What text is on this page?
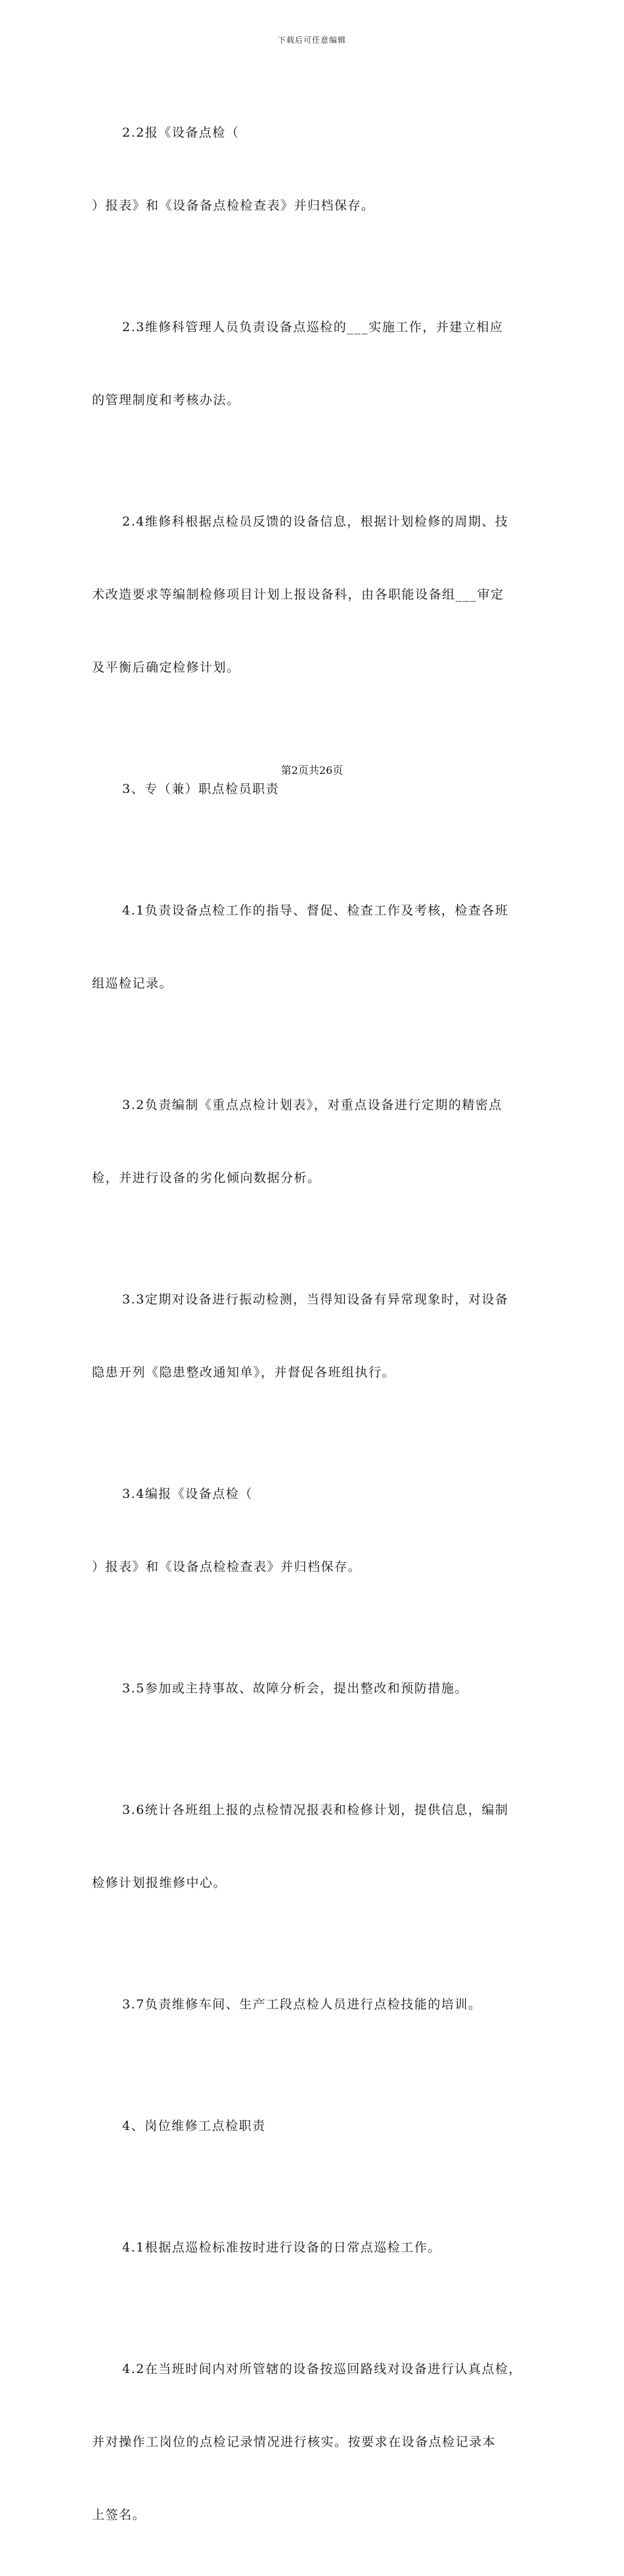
下载后可任意编辑

2.2报《设备点检（

）报表》和《设备备点检检查表》并归档保存。

2.3维修科管理人员负责设备点巡检的___实施工作，并建立相应

的管理制度和考核办法。

2.4维修科根据点检员反馈的设备信息，根据计划检修的周期、技

术改造要求等编制检修项目计划上报设备科，由各职能设备组___审定

及平衡后确定检修计划。

3、专（兼）职点检员职责

4.1负责设备点检工作的指导、督促、检查工作及考核，检查各班

组巡检记录。

3.2负责编制《重点点检计划表》，对重点设备进行定期的精密点

检，并进行设备的劣化倾向数据分析。

3.3定期对设备进行振动检测，当得知设备有异常现象时，对设备

隐患开列《隐患整改通知单》，并督促各班组执行。

3.4编报《设备点检（

）报表》和《设备点检检查表》并归档保存。

3.5参加或主持事故、故障分析会，提出整改和预防措施。

3.6统计各班组上报的点检情况报表和检修计划，提供信息，编制

检修计划报维修中心。

3.7负责维修车间、生产工段点检人员进行点检技能的培训。

4、岗位维修工点检职责

4.1根据点巡检标准按时进行设备的日常点巡检工作。

4.2在当班时间内对所管辖的设备按巡回路线对设备进行认真点检，

并对操作工岗位的点检记录情况进行核实。按要求在设备点检记录本

上签名。

第2页共26页
